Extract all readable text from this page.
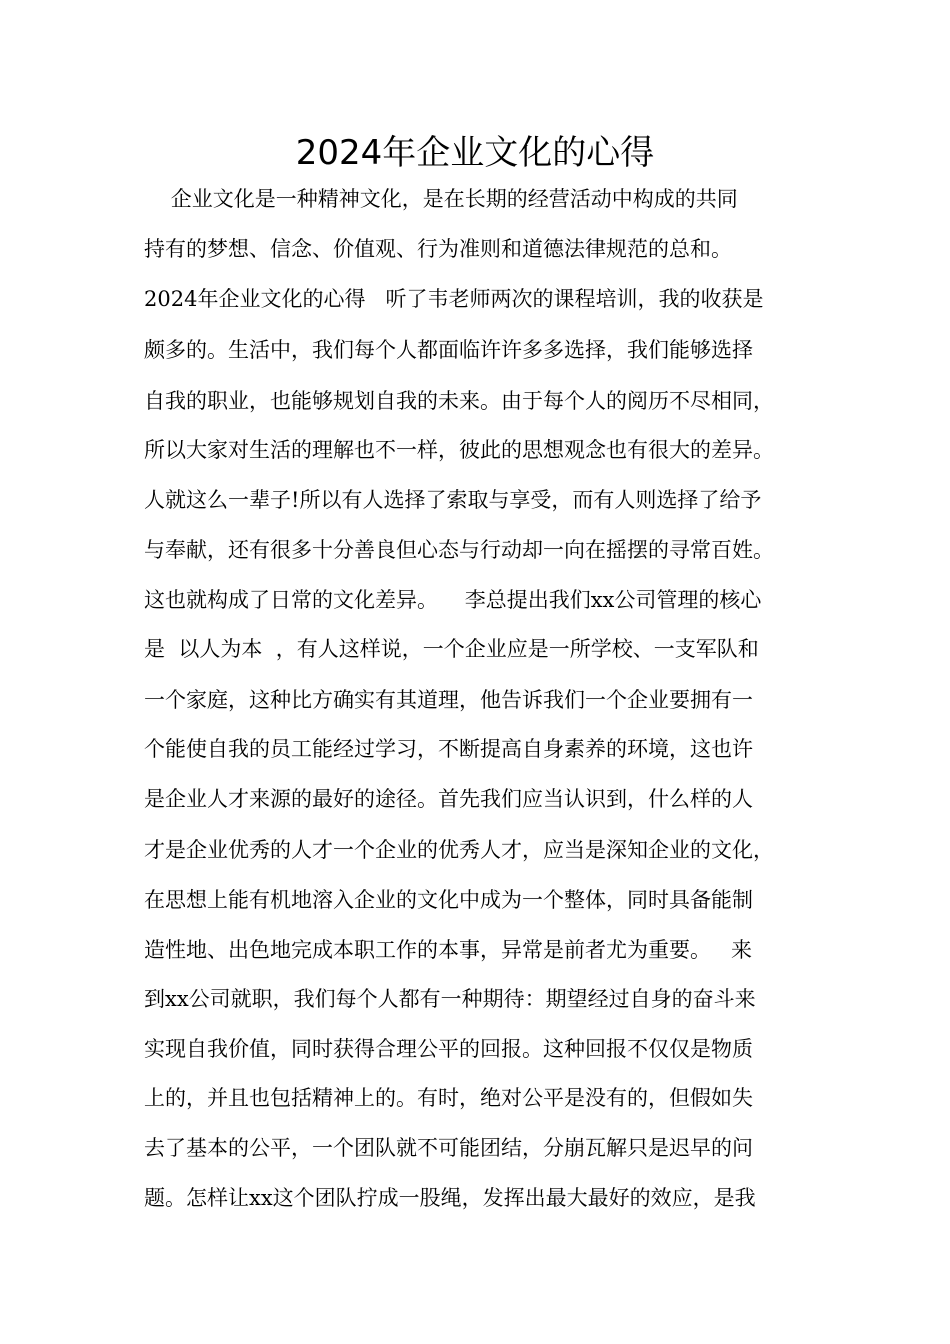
2024年企业文化的心得
企业文化是一种精神文化，是在长期的经营活动中构成的共同
持有的梦想、信念、价值观、行为准则和道德法律规范的总和。
2024年企业文化的心得   听了韦老师两次的课程培训，我的收获是
颇多的。生活中，我们每个人都面临许许多多选择，我们能够选择
自我的职业，也能够规划自我的未来。由于每个人的阅历不尽相同，
所以大家对生活的理解也不一样，彼此的思想观念也有很大的差异。
人就这么一辈子!所以有人选择了索取与享受，而有人则选择了给予
与奉献，还有很多十分善良但心态与行动却一向在摇摆的寻常百姓。
这也就构成了日常的文化差异。    李总提出我们xx公司管理的核心
是  以人为本  ，有人这样说，一个企业应是一所学校、一支军队和
一个家庭，这种比方确实有其道理，他告诉我们一个企业要拥有一
个能使自我的员工能经过学习，不断提高自身素养的环境，这也许
是企业人才来源的最好的途径。首先我们应当认识到，什么样的人
才是企业优秀的人才一个企业的优秀人才，应当是深知企业的文化，
在思想上能有机地溶入企业的文化中成为一个整体，同时具备能制
造性地、出色地完成本职工作的本事，异常是前者尤为重要。   来
到xx公司就职，我们每个人都有一种期待：期望经过自身的奋斗来
实现自我价值，同时获得合理公平的回报。这种回报不仅仅是物质
上的，并且也包括精神上的。有时，绝对公平是没有的，但假如失
去了基本的公平，一个团队就不可能团结，分崩瓦解只是迟早的问
题。怎样让xx这个团队拧成一股绳，发挥出最大最好的效应，是我
